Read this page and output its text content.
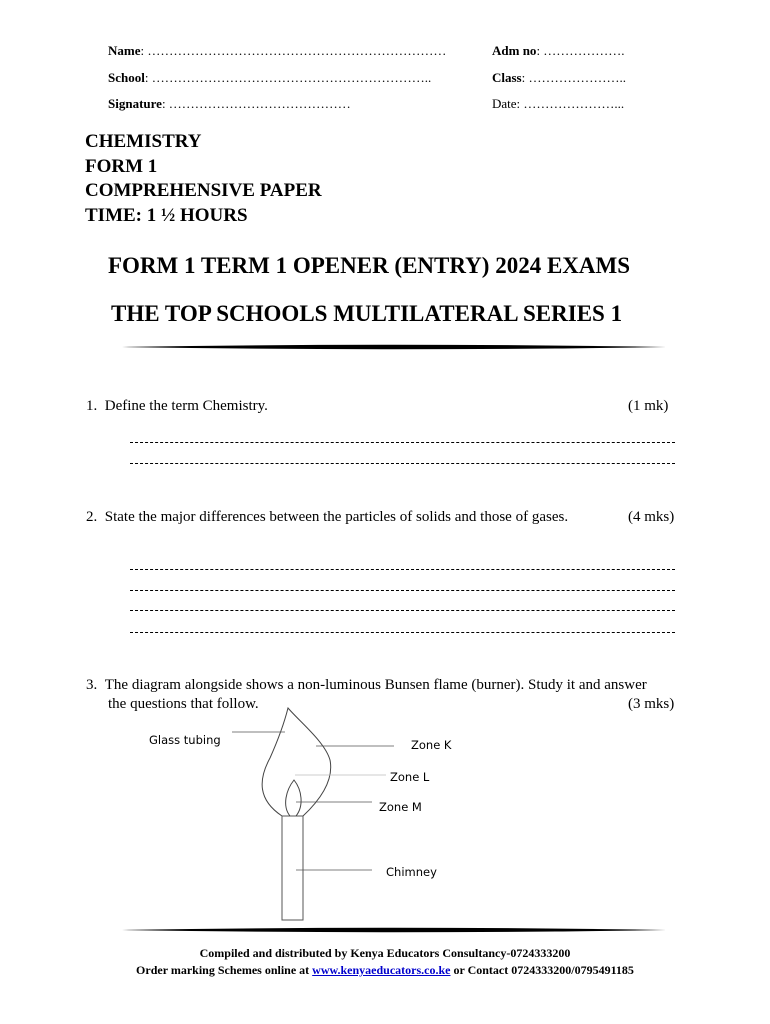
Name: ……………………………………………………………	Adm no: ……………….
School: ………………………………………………………..	Class: …………………..
Signature: ……………………………………	Date: …………………...
CHEMISTRY
FORM 1
COMPREHENSIVE PAPER
TIME: 1 ½ HOURS
FORM 1 TERM 1 OPENER (ENTRY) 2024 EXAMS
THE TOP SCHOOLS MULTILATERAL SERIES 1
1. Define the term Chemistry.	(1 mk)
2. State the major differences between the particles of solids and those of gases.	(4 mks)
3. The diagram alongside shows a non-luminous Bunsen flame (burner). Study it and answer
the questions that follow.	(3 mks)
Glass tubing	Zone K
Zone L
Zone M
Chimney
Compiled and distributed by Kenya Educators Consultancy-0724333200
Order marking Schemes online at www.kenyaeducators.co.ke or Contact 0724333200/0795491185
